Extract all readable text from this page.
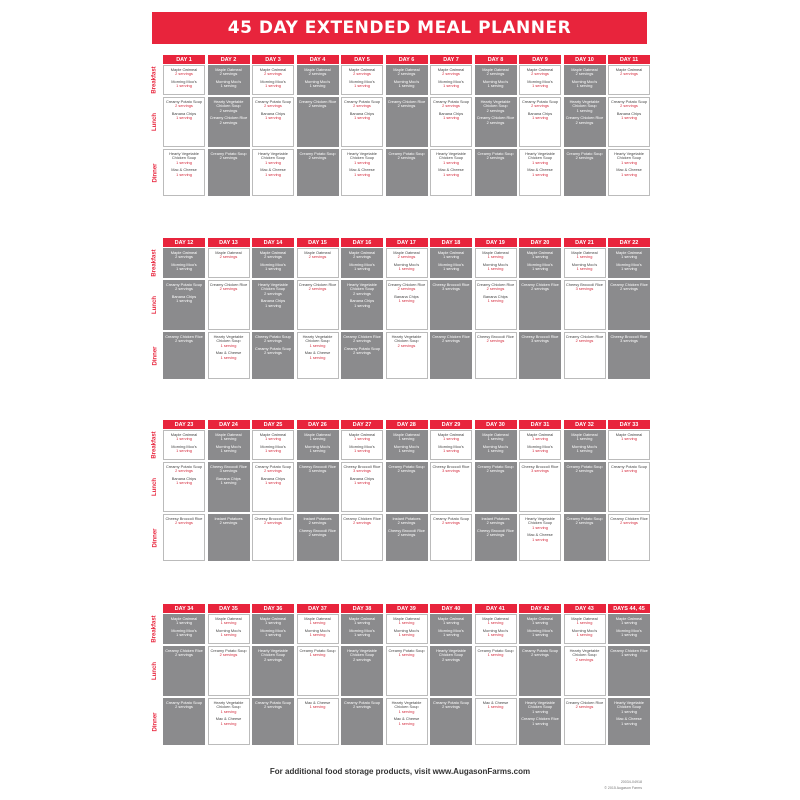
45 DAY EXTENDED MEAL PLANNER
Breakfast
Lunch
Dinner
DAY 1
Maple Oatmeal
2 servings
Morning Moo's
1 serving
Creamy Potato Soup
2 servings
Banana Chips
1 serving
Hearty Vegetable Chicken Soup
1 serving
Mac & Cheese
1 serving
DAY 2
Maple Oatmeal
2 servings
Morning Moo's
1 serving
Hearty Vegetable Chicken Soup
2 servings
Creamy Chicken Rice
2 servings
Creamy Potato Soup
2 servings
DAY 3
Maple Oatmeal
2 servings
Morning Moo's
1 serving
Creamy Potato Soup
2 servings
Banana Chips
1 serving
Hearty Vegetable Chicken Soup
1 serving
Mac & Cheese
1 serving
DAY 4
Maple Oatmeal
2 servings
Morning Moo's
1 serving
Creamy Chicken Rice
2 servings
Creamy Potato Soup
2 servings
DAY 5
Maple Oatmeal
2 servings
Morning Moo's
1 serving
Creamy Potato Soup
2 servings
Banana Chips
1 serving
Hearty Vegetable Chicken Soup
1 serving
Mac & Cheese
1 serving
DAY 6
Maple Oatmeal
2 servings
Morning Moo's
1 serving
Creamy Chicken Rice
2 servings
Creamy Potato Soup
2 servings
DAY 7
Maple Oatmeal
2 servings
Morning Moo's
1 serving
Creamy Potato Soup
2 servings
Banana Chips
1 serving
Hearty Vegetable Chicken Soup
1 serving
Mac & Cheese
1 serving
DAY 8
Maple Oatmeal
2 servings
Morning Moo's
1 serving
Hearty Vegetable Chicken Soup
2 servings
Creamy Chicken Rice
2 servings
Creamy Potato Soup
2 servings
DAY 9
Maple Oatmeal
2 servings
Morning Moo's
1 serving
Creamy Potato Soup
2 servings
Banana Chips
1 serving
Hearty Vegetable Chicken Soup
1 serving
Mac & Cheese
1 serving
DAY 10
Maple Oatmeal
2 servings
Morning Moo's
1 serving
Hearty Vegetable Chicken Soup
1 serving
Creamy Chicken Rice
2 servings
Creamy Potato Soup
2 servings
DAY 11
Maple Oatmeal
2 servings
Creamy Potato Soup
2 servings
Banana Chips
1 serving
Hearty Vegetable Chicken Soup
1 serving
Mac & Cheese
1 serving
Breakfast
Lunch
Dinner
DAY 12
Maple Oatmeal
2 servings
Morning Moo's
1 serving
Creamy Potato Soup
2 servings
Banana Chips
1 serving
Creamy Chicken Rice
2 servings
DAY 13
Maple Oatmeal
2 servings
Creamy Chicken Rice
2 servings
Hearty Vegetable Chicken Soup
1 serving
Mac & Cheese
1 serving
DAY 14
Maple Oatmeal
2 servings
Morning Moo's
1 serving
Hearty Vegetable Chicken Soup
2 servings
Banana Chips
1 serving
Cheesy Potato Soup
2 servings
Creamy Potato Soup
2 servings
DAY 15
Maple Oatmeal
2 servings
Creamy Chicken Rice
2 servings
Hearty Vegetable Chicken Soup
1 serving
Mac & Cheese
1 serving
DAY 16
Maple Oatmeal
2 servings
Morning Moo's
1 serving
Hearty Vegetable Chicken Soup
2 servings
Banana Chips
1 serving
Creamy Chicken Rice
2 servings
Creamy Potato Soup
2 servings
DAY 17
Maple Oatmeal
2 servings
Morning Moo's
1 serving
Creamy Chicken Rice
2 servings
Banana Chips
1 serving
Hearty Vegetable Chicken Soup
2 servings
DAY 18
Maple Oatmeal
1 serving
Morning Moo's
1 serving
Cheesy Broccoli Rice
3 servings
Creamy Chicken Rice
2 servings
DAY 19
Maple Oatmeal
1 serving
Morning Moo's
1 serving
Creamy Chicken Rice
2 servings
Banana Chips
1 serving
Cheesy Broccoli Rice
2 servings
DAY 20
Maple Oatmeal
1 serving
Morning Moo's
1 serving
Creamy Chicken Rice
2 servings
Cheesy Broccoli Rice
3 servings
DAY 21
Maple Oatmeal
1 serving
Morning Moo's
1 serving
Cheesy Broccoli Rice
3 servings
Creamy Chicken Rice
2 servings
DAY 22
Maple Oatmeal
1 serving
Morning Moo's
1 serving
Creamy Chicken Rice
2 servings
Cheesy Broccoli Rice
3 servings
Breakfast
Lunch
Dinner
DAY 23
Maple Oatmeal
1 serving
Morning Moo's
1 serving
Creamy Potato Soup
2 servings
Banana Chips
1 serving
Cheesy Broccoli Rice
2 servings
DAY 24
Maple Oatmeal
1 serving
Morning Moo's
1 serving
Cheesy Broccoli Rice
3 servings
Banana Chips
1 serving
Instant Potatoes
2 servings
DAY 25
Maple Oatmeal
1 serving
Morning Moo's
1 serving
Creamy Potato Soup
2 servings
Banana Chips
1 serving
Cheesy Broccoli Rice
2 servings
DAY 26
Maple Oatmeal
1 serving
Morning Moo's
1 serving
Cheesy Broccoli Rice
3 servings
Instant Potatoes
2 servings
Cheesy Broccoli Rice
2 servings
DAY 27
Maple Oatmeal
1 serving
Morning Moo's
1 serving
Cheesy Broccoli Rice
3 servings
Banana Chips
1 serving
Creamy Chicken Rice
2 servings
DAY 28
Maple Oatmeal
1 serving
Morning Moo's
1 serving
Creamy Potato Soup
2 servings
Instant Potatoes
2 servings
Cheesy Broccoli Rice
2 servings
DAY 29
Maple Oatmeal
1 serving
Morning Moo's
1 serving
Cheesy Broccoli Rice
3 servings
Creamy Potato Soup
2 servings
DAY 30
Maple Oatmeal
1 serving
Morning Moo's
1 serving
Creamy Potato Soup
2 servings
Instant Potatoes
2 servings
Cheesy Broccoli Rice
2 servings
DAY 31
Maple Oatmeal
1 serving
Morning Moo's
1 serving
Cheesy Broccoli Rice
3 servings
Hearty Vegetable Chicken Soup
1 serving
Mac & Cheese
1 serving
DAY 32
Maple Oatmeal
1 serving
Morning Moo's
1 serving
Creamy Potato Soup
2 servings
Creamy Potato Soup
2 servings
DAY 33
Maple Oatmeal
1 serving
Creamy Potato Soup
1 serving
Creamy Chicken Rice
2 servings
Breakfast
Lunch
Dinner
DAY 34
Maple Oatmeal
1 serving
Morning Moo's
1 serving
Creamy Chicken Rice
2 servings
Creamy Potato Soup
2 servings
DAY 35
Maple Oatmeal
1 serving
Morning Moo's
1 serving
Creamy Potato Soup
2 servings
Hearty Vegetable Chicken Soup
1 serving
Mac & Cheese
1 serving
DAY 36
Maple Oatmeal
1 serving
Morning Moo's
1 serving
Hearty Vegetable Chicken Soup
2 servings
Creamy Potato Soup
2 servings
DAY 37
Maple Oatmeal
1 serving
Morning Moo's
1 serving
Creamy Potato Soup
1 serving
Mac & Cheese
1 serving
DAY 38
Maple Oatmeal
1 serving
Morning Moo's
1 serving
Hearty Vegetable Chicken Soup
2 servings
Creamy Potato Soup
2 servings
DAY 39
Maple Oatmeal
1 serving
Morning Moo's
1 serving
Creamy Potato Soup
1 serving
Hearty Vegetable Chicken Soup
1 serving
Mac & Cheese
1 serving
DAY 40
Maple Oatmeal
1 serving
Morning Moo's
1 serving
Hearty Vegetable Chicken Soup
2 servings
Creamy Potato Soup
2 servings
DAY 41
Maple Oatmeal
1 serving
Morning Moo's
1 serving
Creamy Potato Soup
1 serving
Mac & Cheese
1 serving
DAY 42
Maple Oatmeal
1 serving
Morning Moo's
1 serving
Creamy Potato Soup
2 servings
Hearty Vegetable Chicken Soup
1 serving
Creamy Chicken Rice
1 serving
DAY 43
Maple Oatmeal
1 serving
Morning Moo's
1 serving
Hearty Vegetable Chicken Soup
2 servings
Creamy Chicken Rice
2 servings
DAYS 44, 45
Maple Oatmeal
1 serving
Morning Moo's
1 serving
Creamy Chicken Rice
1 serving
Hearty Vegetable Chicken Soup
1 serving
Mac & Cheese
1 serving
For additional food storage products, visit www.AugasonFarms.com
20034-04918
© 2015 Augason Farms
